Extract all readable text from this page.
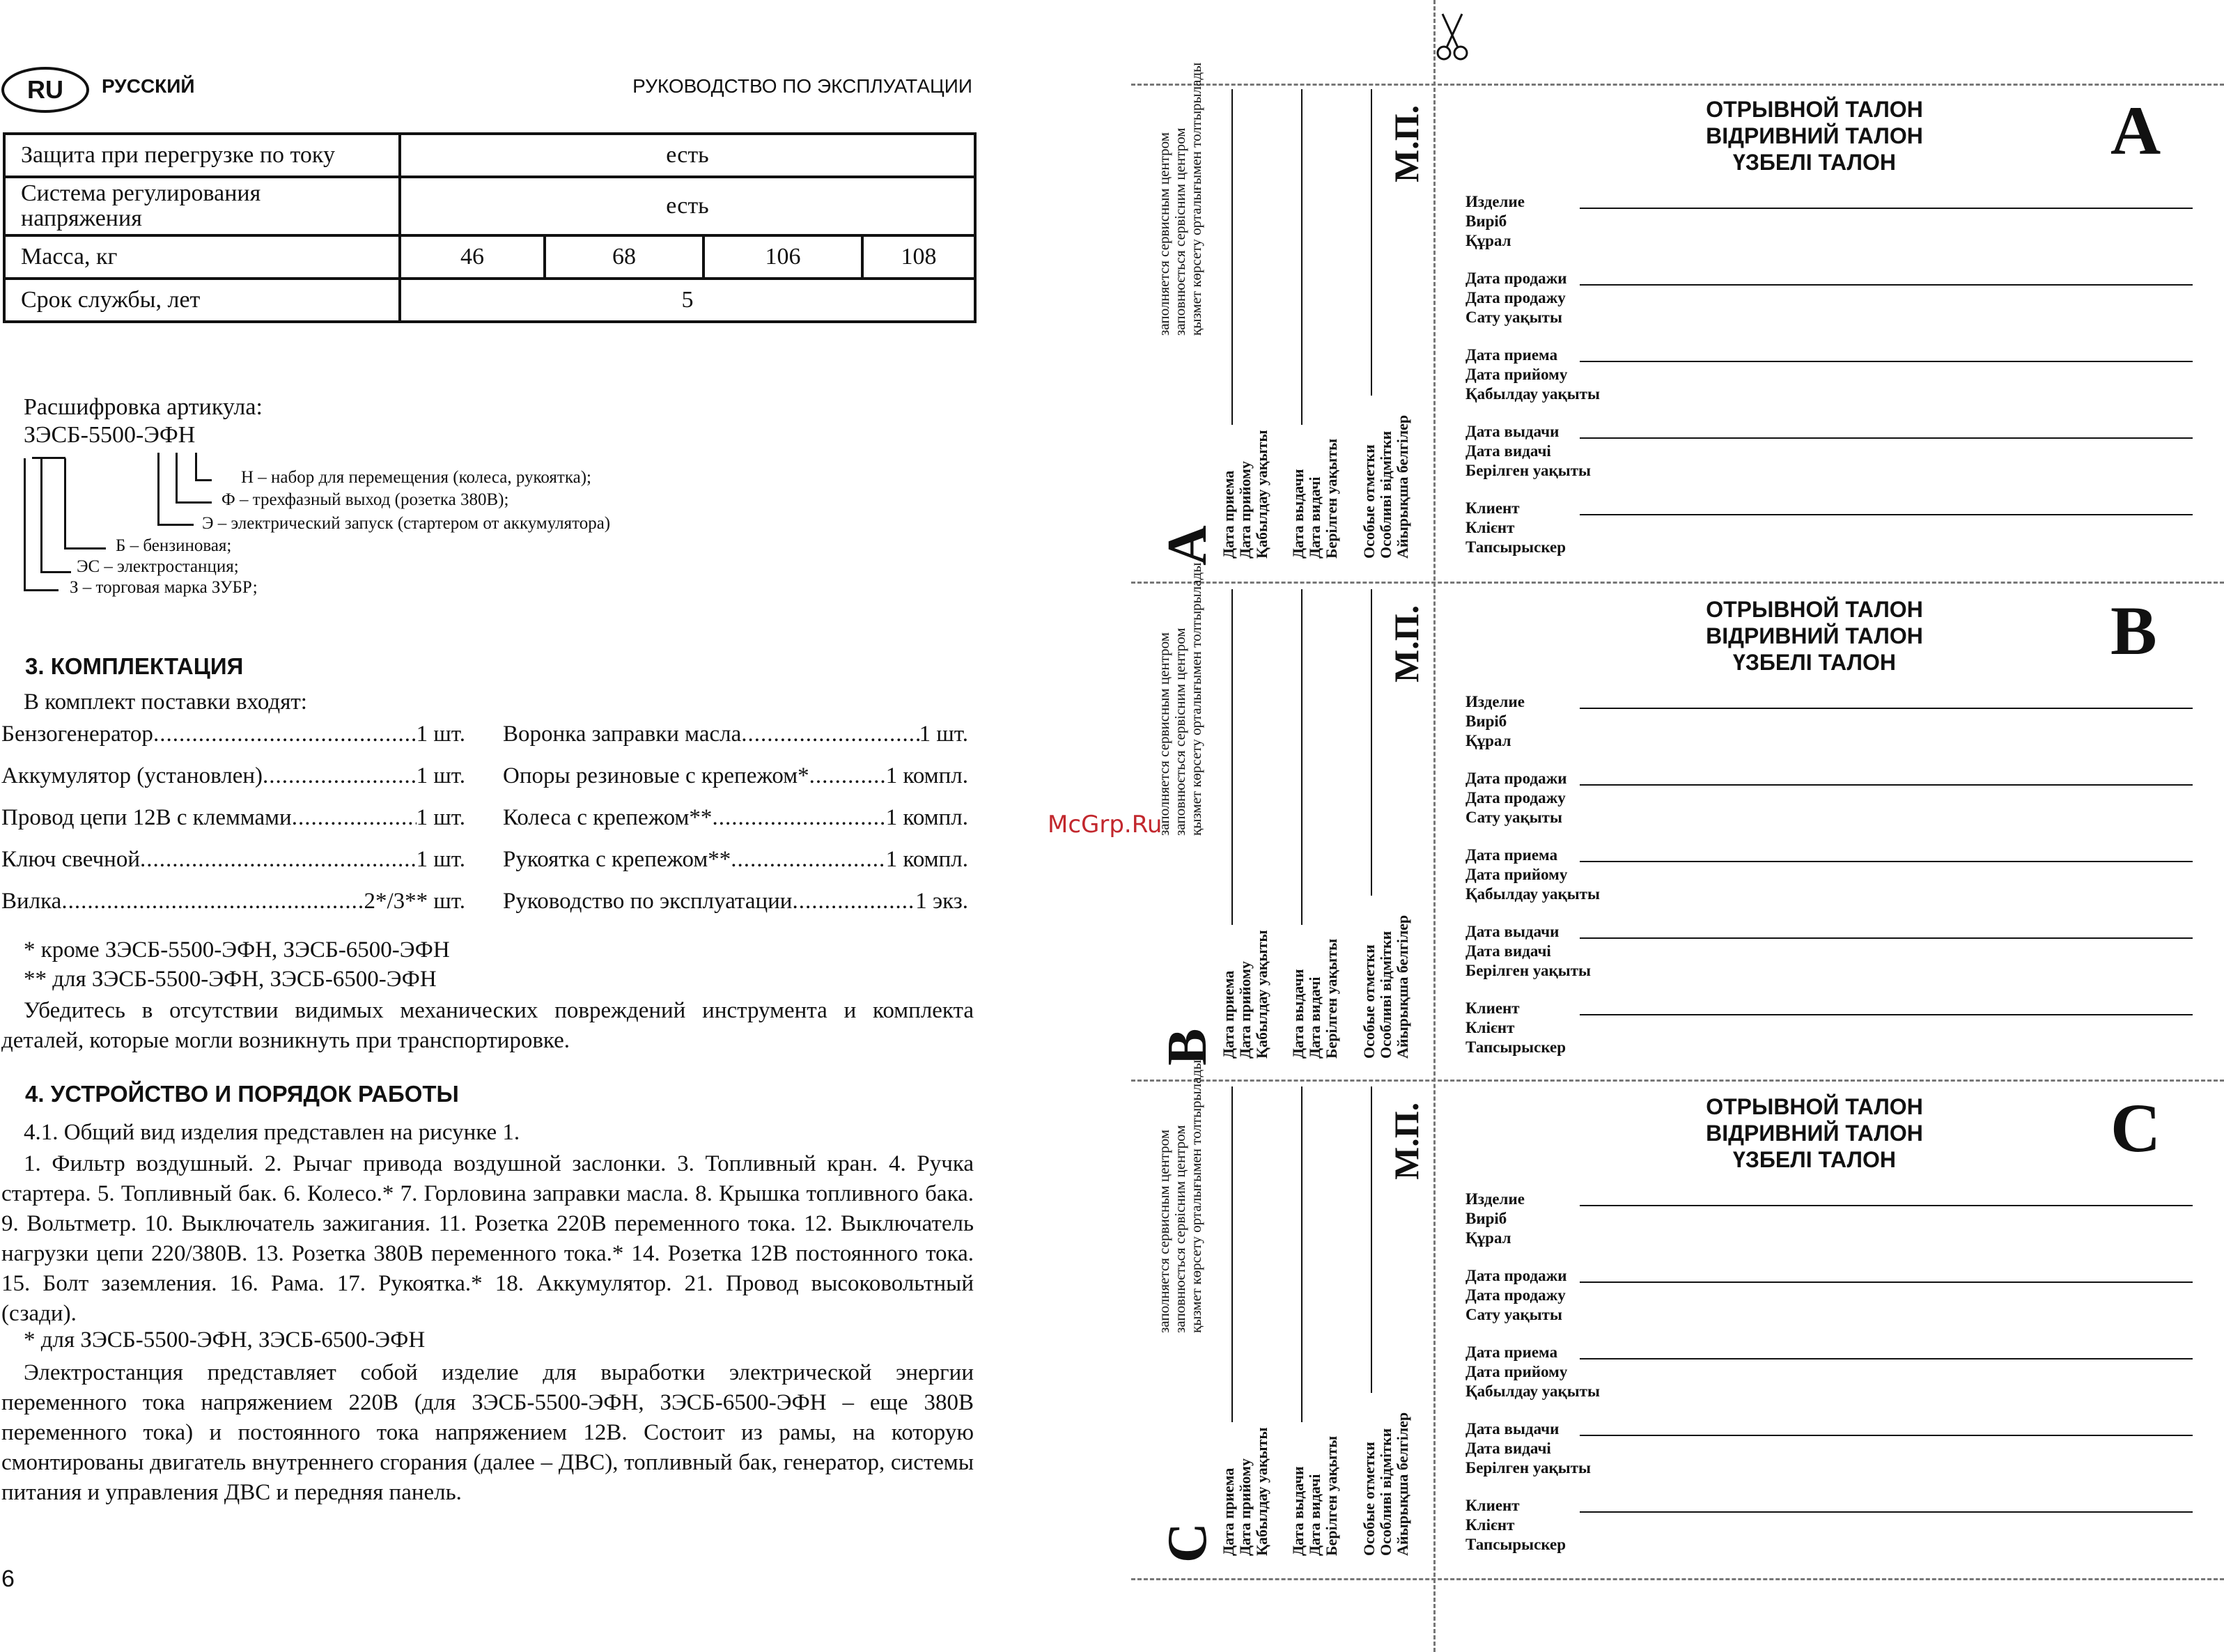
RU	РУССКИЙ	РУКОВОДСТВО ПО ЭКСПЛУАТАЦИИ
Защита при перегрузке по току	есть			
Система регулирования
напряжения	есть			
Масса, кг	46	68	106	108
Срок службы, лет	5			
Расшифровка артикула:
ЗЭСБ-5500-ЭФН
Н – набор для перемещения (колеса, рукоятка);
Ф – трехфазный выход (розетка 380В);
Э – электрический запуск (стартером от аккумулятора)
Б – бензиновая;
ЭС – электростанция;
З – торговая марка ЗУБР;
3. КОМПЛЕКТАЦИЯ
В комплект поставки входят:
Бензогенератор .....	1 шт.
Аккумулятор (установлен) .....	1 шт.
Провод цепи 12В с клеммами .....	1 шт.
Ключ свечной .....	1 шт.
Вилка .....	2*/3** шт.
Воронка заправки масла .....	1 шт.
Опоры резиновые с крепежом* .....	1 компл.
Колеса с крепежом** .....	1 компл.
Рукоятка с крепежом** .....	1 компл.
Руководство по эксплуатации .....	1 экз.
* кроме ЗЭСБ-5500-ЭФН, ЗЭСБ-6500-ЭФН
** для ЗЭСБ-5500-ЭФН, ЗЭСБ-6500-ЭФН
Убедитесь в отсутствии видимых механических повреждений инструмента и комплекта деталей, которые могли возникнуть при транспортировке.
4. УСТРОЙСТВО И ПОРЯДОК РАБОТЫ
4.1. Общий вид изделия представлен на рисунке 1.
1. Фильтр воздушный. 2. Рычаг привода воздушной заслонки. 3. Топливный кран. 4. Ручка стартера. 5. Топливный бак. 6. Колесо.* 7. Горловина заправки масла. 8. Крышка топливного бака. 9. Вольтметр. 10. Выключатель зажигания. 11. Розетка 220В переменного тока. 12. Выключатель нагрузки цепи 220/380В. 13. Розетка 380В переменного тока.* 14. Розетка 12В постоянного тока. 15. Болт заземления. 16. Рама. 17. Рукоятка.* 18. Аккумулятор. 21. Провод высоковольтный (сзади).
* для ЗЭСБ-5500-ЭФН, ЗЭСБ-6500-ЭФН
Электростанция представляет собой изделие для выработки электрической энергии переменного тока напряжением 220В (для ЗЭСБ-5500-ЭФН, ЗЭСБ-6500-ЭФН – еще 380В переменного тока) и постоянного тока напряжением 12В. Состоит из рамы, на которую смонтированы двигатель внутреннего сгорания (далее – ДВС), топливный бак, генератор, системы питания и управления ДВС и передняя панель.
6
McGrp.Ru
ОТРЫВНОЙ ТАЛОН
ВІДРИВНИЙ ТАЛОН
ҮЗБЕЛІ ТАЛОН	A
Изделие
Виріб
Құрал
Дата продажи
Дата продажу
Сату уақыты
Дата приема
Дата прийому
Қабылдау уақыты
Дата выдачи
Дата видачі
Берілген уақыты
Клиент
Клієнт
Тапсырыскер
заполняется сервисным центром заповнюється сервісним центром қызмет көрсету орталығымен толтырылады
A Дата приема Дата прийому Қабылдау уақыты Дата выдачи Дата видачі Берілген уақыты Особые отметки Особливі відмітки Айырықша белгілер
М.П.
ОТРЫВНОЙ ТАЛОН
ВІДРИВНИЙ ТАЛОН
ҮЗБЕЛІ ТАЛОН	B
Изделие
Виріб
Құрал
Дата продажи
Дата продажу
Сату уақыты
Дата приема
Дата прийому
Қабылдау уақыты
Дата выдачи
Дата видачі
Берілген уақыты
Клиент
Клієнт
Тапсырыскер
заполняется сервисным центром заповнюється сервісним центром қызмет көрсету орталығымен толтырылады
B Дата приема Дата прийому Қабылдау уақыты Дата выдачи Дата видачі Берілген уақыты Особые отметки Особливі відмітки Айырықша белгілер
М.П.
ОТРЫВНОЙ ТАЛОН
ВІДРИВНИЙ ТАЛОН
ҮЗБЕЛІ ТАЛОН	C
Изделие
Виріб
Құрал
Дата продажи
Дата продажу
Сату уақыты
Дата приема
Дата прийому
Қабылдау уақыты
Дата выдачи
Дата видачі
Берілген уақыты
Клиент
Клієнт
Тапсырыскер
заполняется сервисным центром заповнюється сервісним центром қызмет көрсету орталығымен толтырылады
C Дата приема Дата прийому Қабылдау уақыты Дата выдачи Дата видачі Берілген уақыты Особые отметки Особливі відмітки Айырықша белгілер
М.П.
